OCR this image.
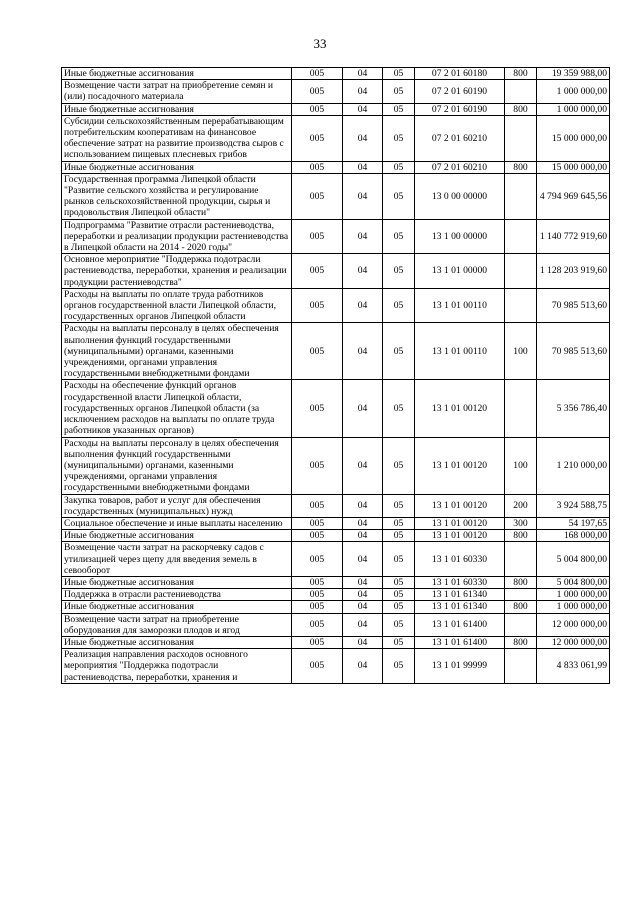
33
Иные бюджетные ассигнования	005	04	05	07 2 01 60180	800	19 359 988,00
Возмещение части затрат на приобретение семян и (или) посадочного материала	005	04	05	07 2 01 60190		1 000 000,00
Иные бюджетные ассигнования	005	04	05	07 2 01 60190	800	1 000 000,00
Субсидии сельскохозяйственным перерабатывающим потребительским кооперативам на финансовое обеспечение затрат на развитие производства сыров с использованием пищевых плесневых грибов	005	04	05	07 2 01 60210		15 000 000,00
Иные бюджетные ассигнования	005	04	05	07 2 01 60210	800	15 000 000,00
Государственная программа Липецкой области "Развитие сельского хозяйства и регулирование рынков сельскохозяйственной продукции, сырья и продовольствия Липецкой области"	005	04	05	13 0 00 00000		4 794 969 645,56
Подпрограмма "Развитие отрасли растениеводства, переработки и реализации продукции растениеводства в Липецкой области на 2014 - 2020 годы"	005	04	05	13 1 00 00000		1 140 772 919,60
Основное мероприятие "Поддержка подотрасли растениеводства, переработки, хранения и реализации продукции растениеводства"	005	04	05	13 1 01 00000		1 128 203 919,60
Расходы на выплаты по оплате труда работников органов государственной власти Липецкой области, государственных органов Липецкой области	005	04	05	13 1 01 00110		70 985 513,60
Расходы на выплаты персоналу в целях обеспечения выполнения функций государственными (муниципальными) органами, казенными учреждениями, органами управления государственными внебюджетными фондами	005	04	05	13 1 01 00110	100	70 985 513,60
Расходы на обеспечение функций органов государственной власти Липецкой области, государственных органов Липецкой области (за исключением расходов на выплаты по оплате труда работников указанных органов)	005	04	05	13 1 01 00120		5 356 786,40
Расходы на выплаты персоналу в целях обеспечения выполнения функций государственными (муниципальными) органами, казенными учреждениями, органами управления государственными внебюджетными фондами	005	04	05	13 1 01 00120	100	1 210 000,00
Закупка товаров, работ и услуг для обеспечения государственных (муниципальных) нужд	005	04	05	13 1 01 00120	200	3 924 588,75
Социальное обеспечение и иные выплаты населению	005	04	05	13 1 01 00120	300	54 197,65
Иные бюджетные ассигнования	005	04	05	13 1 01 00120	800	168 000,00
Возмещение части затрат на раскорчевку садов с утилизацией через щепу для введения земель в севооборот	005	04	05	13 1 01 60330		5 004 800,00
Иные бюджетные ассигнования	005	04	05	13 1 01 60330	800	5 004 800,00
Поддержка в отрасли растениеводства	005	04	05	13 1 01 61340		1 000 000,00
Иные бюджетные ассигнования	005	04	05	13 1 01 61340	800	1 000 000,00
Возмещение части затрат на приобретение оборудования для заморозки плодов и ягод	005	04	05	13 1 01 61400		12 000 000,00
Иные бюджетные ассигнования	005	04	05	13 1 01 61400	800	12 000 000,00
Реализация направления расходов основного мероприятия "Поддержка подотрасли растениеводства, переработки, хранения и	005	04	05	13 1 01 99999		4 833 061,99
